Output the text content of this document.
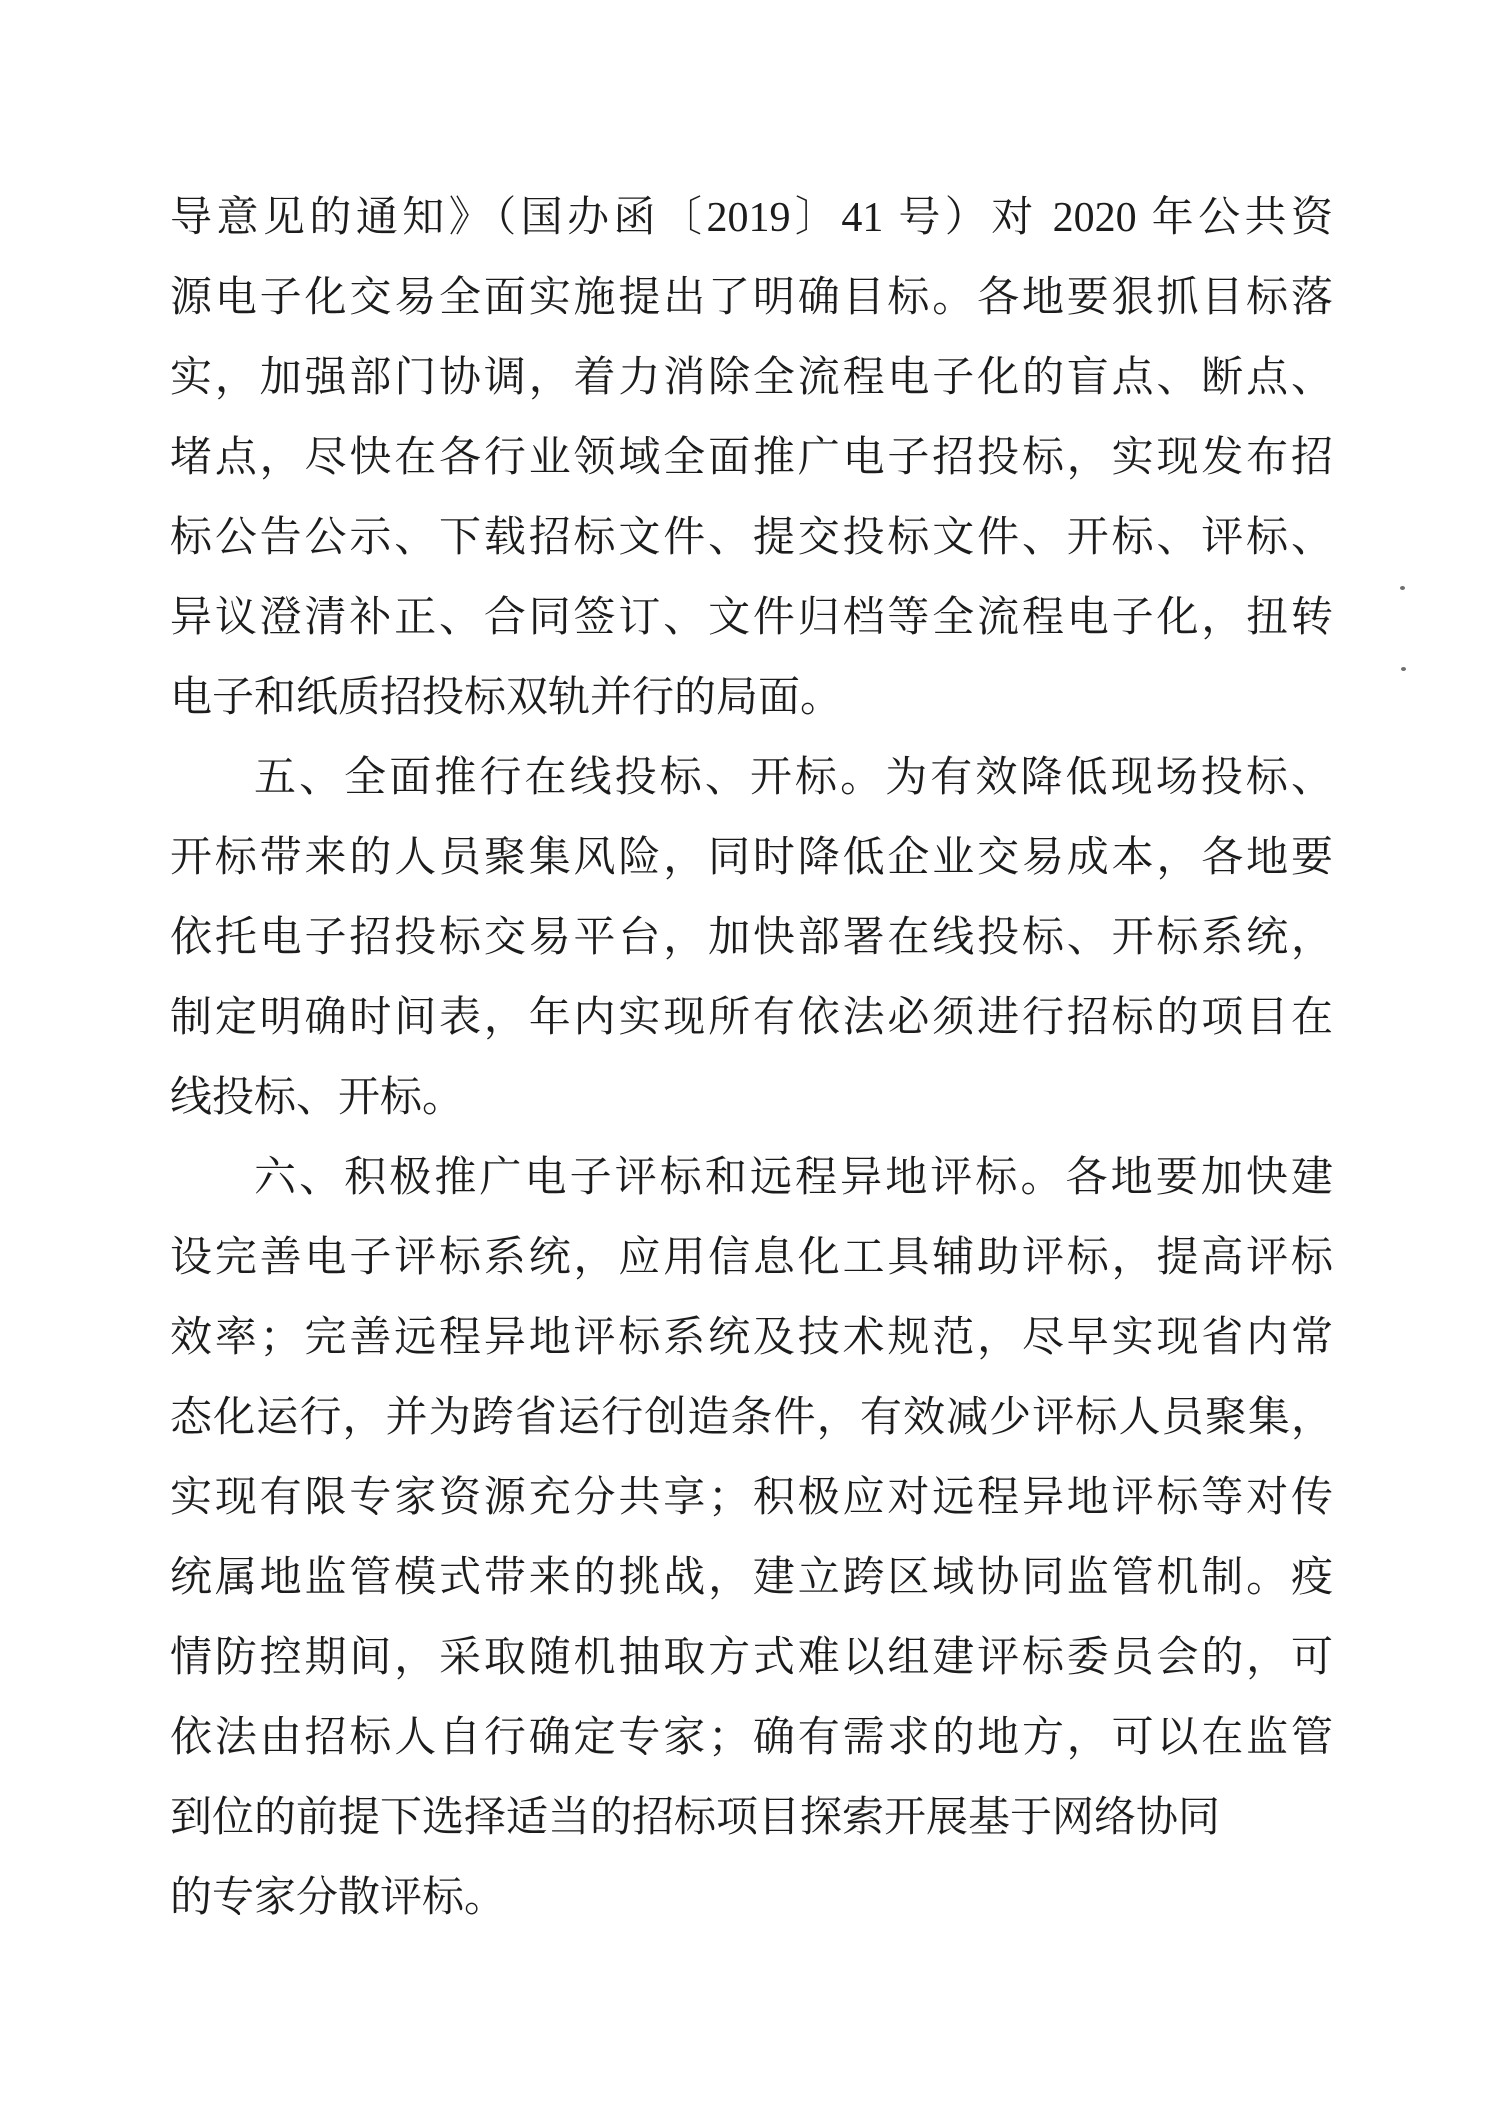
导意见的通知》（国办函〔2019〕41 号）对 2020 年公共资
源电子化交易全面实施提出了明确目标。各地要狠抓目标落
实，加强部门协调，着力消除全流程电子化的盲点、断点、
堵点，尽快在各行业领域全面推广电子招投标，实现发布招
标公告公示、下载招标文件、提交投标文件、开标、评标、
异议澄清补正、合同签订、文件归档等全流程电子化，扭转
电子和纸质招投标双轨并行的局面。
五、全面推行在线投标、开标。为有效降低现场投标、
开标带来的人员聚集风险，同时降低企业交易成本，各地要
依托电子招投标交易平台，加快部署在线投标、开标系统，
制定明确时间表，年内实现所有依法必须进行招标的项目在
线投标、开标。
六、积极推广电子评标和远程异地评标。各地要加快建
设完善电子评标系统，应用信息化工具辅助评标，提高评标
效率；完善远程异地评标系统及技术规范，尽早实现省内常
态化运行，并为跨省运行创造条件，有效减少评标人员聚集，
实现有限专家资源充分共享；积极应对远程异地评标等对传
统属地监管模式带来的挑战，建立跨区域协同监管机制。疫
情防控期间，采取随机抽取方式难以组建评标委员会的，可
依法由招标人自行确定专家；确有需求的地方，可以在监管
到位的前提下选择适当的招标项目探索开展基于网络协同
的专家分散评标。
